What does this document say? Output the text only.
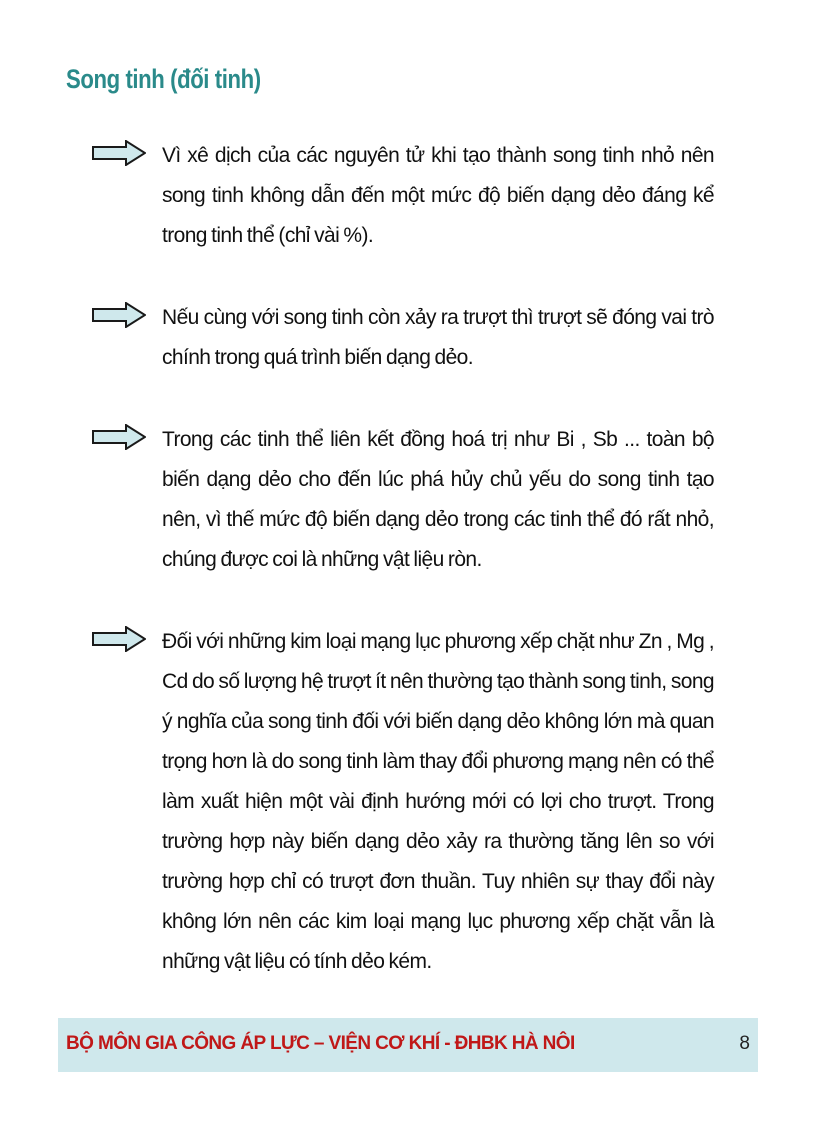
Song tinh (đối tinh)
Vì xê dịch của các nguyên tử khi tạo thành song tinh nhỏ nên song tinh không dẫn đến một mức độ biến dạng dẻo đáng kể trong tinh thể (chỉ vài %).
Nếu cùng với song tinh còn xảy ra trượt thì trượt sẽ đóng vai trò chính trong quá trình biến dạng dẻo.
Trong các tinh thể liên kết đồng hoá trị như Bi , Sb ... toàn bộ biến dạng dẻo cho đến lúc phá hủy chủ yếu do song tinh tạo nên, vì thế mức độ biến dạng dẻo trong các tinh thể đó rất nhỏ, chúng được coi là những vật liệu ròn.
Đối với những kim loại mạng lục phương xếp chặt như Zn , Mg , Cd do số lượng hệ trượt ít nên thường tạo thành song tinh, song ý nghĩa của song tinh đối với biến dạng dẻo không lớn mà quan trọng hơn là do song tinh làm thay đổi phương mạng nên có thể làm xuất hiện một vài định hướng mới có lợi cho trượt. Trong trường hợp này biến dạng dẻo xảy ra thường tăng lên so với trường hợp chỉ có trượt đơn thuần. Tuy nhiên sự thay đổi này không lớn nên các kim loại mạng lục phương xếp chặt vẫn là những vật liệu có tính dẻo kém.
BỘ MÔN GIA CÔNG ÁP LỰC – VIỆN CƠ KHÍ - ĐHBK HÀ NÔI	8
